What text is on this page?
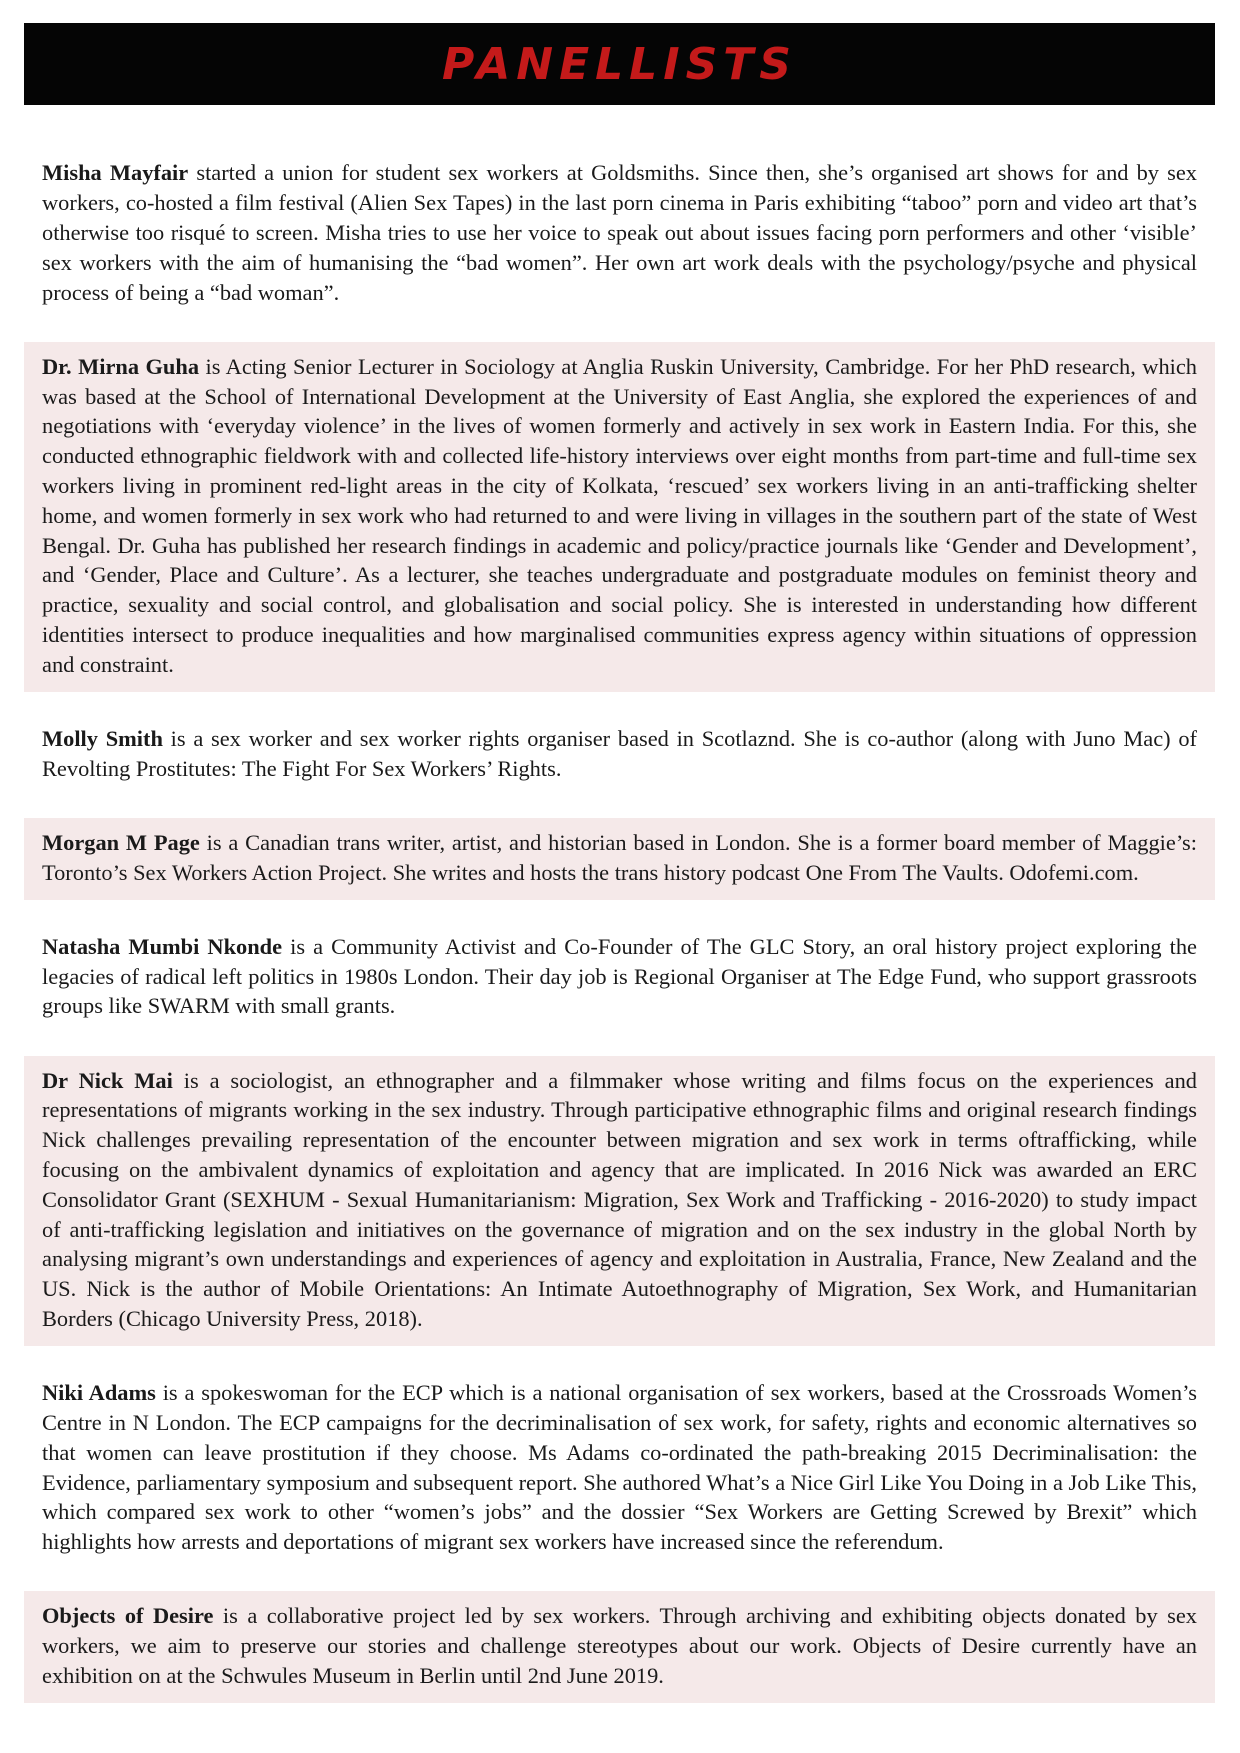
PANELLISTS

Misha Mayfair started a union for student sex workers at Goldsmiths. Since then, she’s organised art shows for and by sex workers, co-hosted a film festival (Alien Sex Tapes) in the last porn cinema in Paris exhibiting “taboo” porn and video art that’s otherwise too risqué to screen. Misha tries to use her voice to speak out about issues facing porn performers and other ‘visible’ sex workers with the aim of humanising the “bad women”. Her own art work deals with the psychology/psyche and physical process of being a “bad woman”.

Dr. Mirna Guha is Acting Senior Lecturer in Sociology at Anglia Ruskin University, Cambridge. For her PhD research, which was based at the School of International Development at the University of East Anglia, she explored the experiences of and negotiations with ‘everyday violence’ in the lives of women formerly and actively in sex work in Eastern India. For this, she conducted ethnographic fieldwork with and collected life-history interviews over eight months from part-time and full-time sex workers living in prominent red-light areas in the city of Kolkata, ‘rescued’ sex workers living in an anti-trafficking shelter home, and women formerly in sex work who had returned to and were living in villages in the southern part of the state of West Bengal. Dr. Guha has published her research findings in academic and policy/practice journals like ‘Gender and Development’, and ‘Gender, Place and Culture’. As a lecturer, she teaches undergraduate and postgraduate modules on feminist theory and practice, sexuality and social control, and globalisation and social policy. She is interested in understanding how different identities intersect to produce inequalities and how marginalised communities express agency within situations of oppression and constraint.

Molly Smith is a sex worker and sex worker rights organiser based in Scotlaznd. She is co-author (along with Juno Mac) of Revolting Prostitutes: The Fight For Sex Workers’ Rights.

Morgan M Page is a Canadian trans writer, artist, and historian based in London. She is a former board member of Maggie’s: Toronto’s Sex Workers Action Project. She writes and hosts the trans history podcast One From The Vaults. Odofemi.com.

Natasha Mumbi Nkonde is a Community Activist and Co-Founder of The GLC Story, an oral history project exploring the legacies of radical left politics in 1980s London. Their day job is Regional Organiser at The Edge Fund, who support grassroots groups like SWARM with small grants.

Dr Nick Mai is a sociologist, an ethnographer and a filmmaker whose writing and films focus on the experiences and representations of migrants working in the sex industry. Through participative ethnographic films and original research findings Nick challenges prevailing representation of the encounter between migration and sex work in terms oftrafficking, while focusing on the ambivalent dynamics of exploitation and agency that are implicated. In 2016 Nick was awarded an ERC Consolidator Grant (SEXHUM - Sexual Humanitarianism: Migration, Sex Work and Trafficking - 2016-2020) to study impact of anti-trafficking legislation and initiatives on the governance of migration and on the sex industry in the global North by analysing migrant’s own understandings and experiences of agency and exploitation in Australia, France, New Zealand and the US. Nick is the author of Mobile Orientations: An Intimate Autoethnography of Migration, Sex Work, and Humanitarian Borders (Chicago University Press, 2018).

Niki Adams is a spokeswoman for the ECP which is a national organisation of sex workers, based at the Crossroads Women’s Centre in N London. The ECP campaigns for the decriminalisation of sex work, for safety, rights and economic alternatives so that women can leave prostitution if they choose. Ms Adams co-ordinated the path-breaking 2015 Decriminalisation: the Evidence, parliamentary symposium and subsequent report. She authored What’s a Nice Girl Like You Doing in a Job Like This, which compared sex work to other “women’s jobs” and the dossier “Sex Workers are Getting Screwed by Brexit” which highlights how arrests and deportations of migrant sex workers have increased since the referendum.

Objects of Desire is a collaborative project led by sex workers. Through archiving and exhibiting objects donated by sex workers, we aim to preserve our stories and challenge stereotypes about our work. Objects of Desire currently have an exhibition on at the Schwules Museum in Berlin until 2nd June 2019.
